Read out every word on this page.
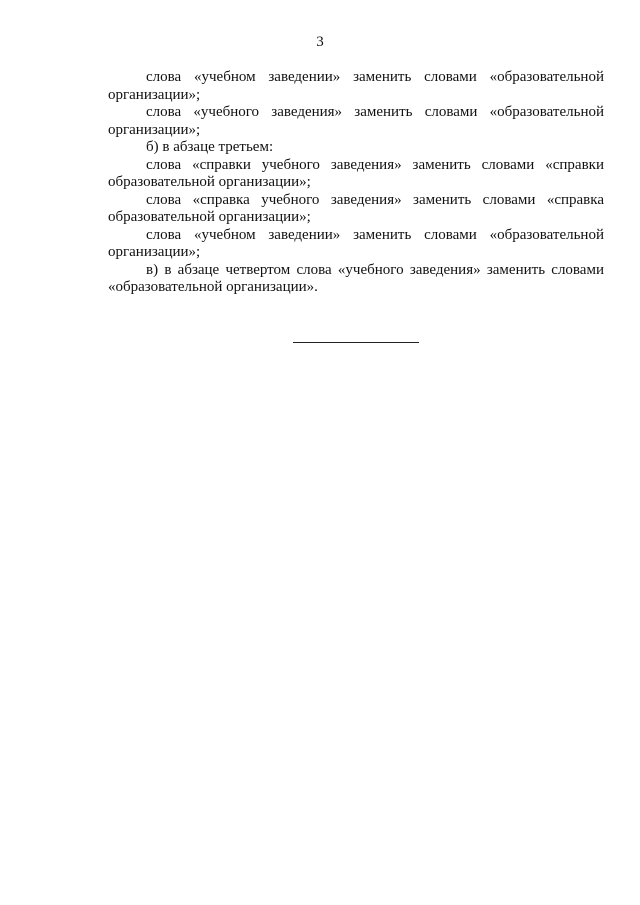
3

слова «учебном заведении» заменить словами «образовательной организации»;

слова «учебного заведения» заменить словами «образовательной организации»;

б) в абзаце третьем:

слова «справки учебного заведения» заменить словами «справки образовательной организации»;

слова «справка учебного заведения» заменить словами «справка образовательной организации»;

слова «учебном заведении» заменить словами «образовательной организации»;

в) в абзаце четвертом слова «учебного заведения» заменить словами «образовательной организации».
